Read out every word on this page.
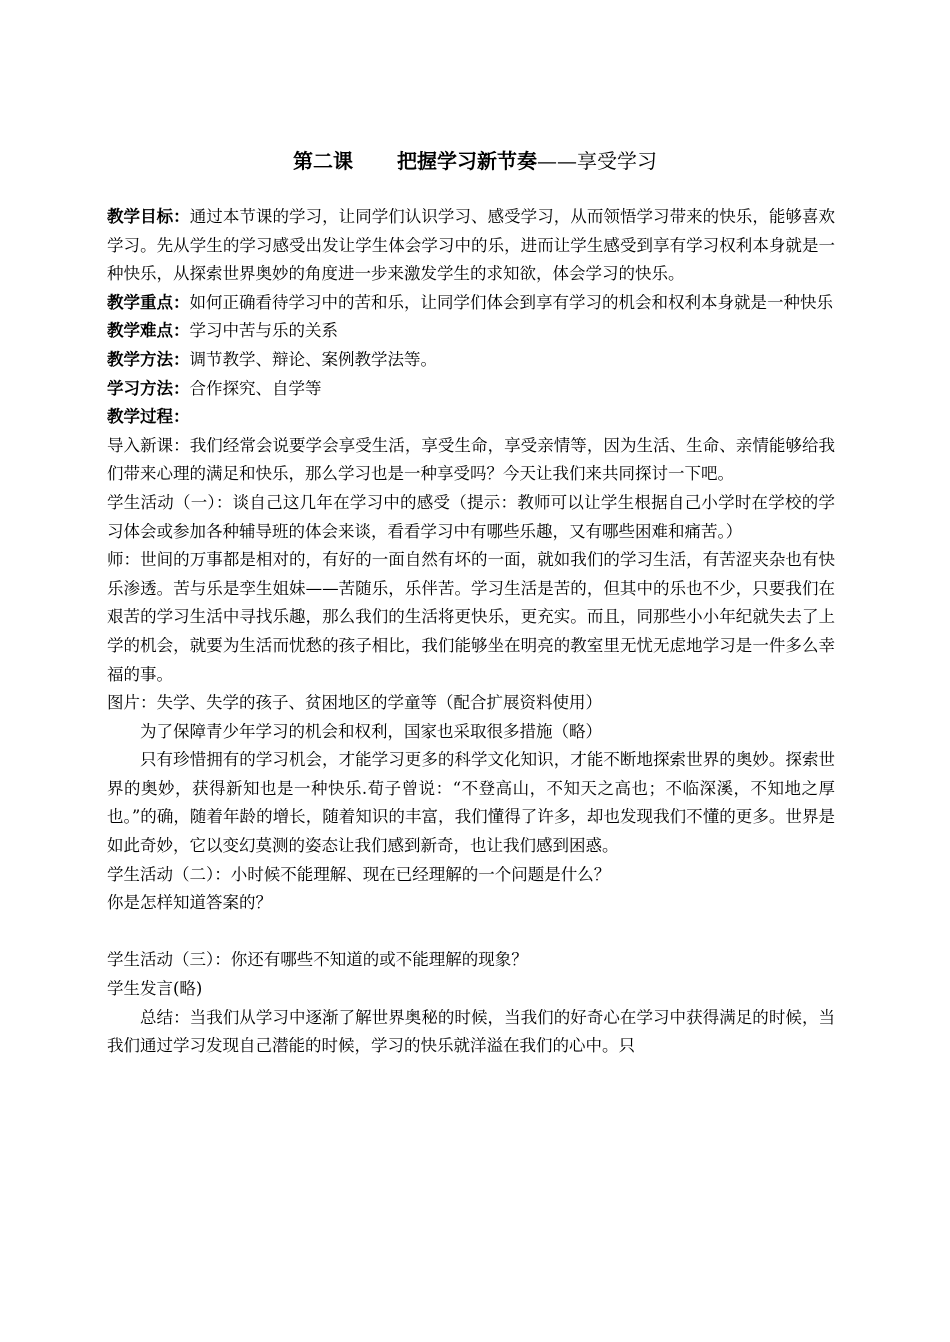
第二课 把握学习新节奏——享受学习

教学目标：通过本节课的学习，让同学们认识学习、感受学习，从而领悟学习带来的快乐，能够喜欢学习。先从学生的学习感受出发让学生体会学习中的乐，进而让学生感受到享有学习权利本身就是一种快乐，从探索世界奥妙的角度进一步来激发学生的求知欲，体会学习的快乐。

教学重点：如何正确看待学习中的苦和乐，让同学们体会到享有学习的机会和权利本身就是一种快乐

教学难点：学习中苦与乐的关系

教学方法：调节教学、辩论、案例教学法等。

学习方法：合作探究、自学等

教学过程：

导入新课：我们经常会说要学会享受生活，享受生命，享受亲情等，因为生活、生命、亲情能够给我们带来心理的满足和快乐，那么学习也是一种享受吗？今天让我们来共同探讨一下吧。

学生活动（一）：谈自己这几年在学习中的感受（提示：教师可以让学生根据自己小学时在学校的学习体会或参加各种辅导班的体会来谈，看看学习中有哪些乐趣，又有哪些困难和痛苦。）

师：世间的万事都是相对的，有好的一面自然有坏的一面，就如我们的学习生活，有苦涩夹杂也有快乐渗透。苦与乐是孪生姐妹——苦随乐，乐伴苦。学习生活是苦的，但其中的乐也不少，只要我们在艰苦的学习生活中寻找乐趣，那么我们的生活将更快乐，更充实。而且，同那些小小年纪就失去了上学的机会，就要为生活而忧愁的孩子相比，我们能够坐在明亮的教室里无忧无虑地学习是一件多么幸福的事。

图片：失学、失学的孩子、贫困地区的学童等（配合扩展资料使用）

为了保障青少年学习的机会和权利，国家也采取很多措施（略）

只有珍惜拥有的学习机会，才能学习更多的科学文化知识，才能不断地探索世界的奥妙。探索世界的奥妙，获得新知也是一种快乐.荀子曾说：“不登高山，不知天之高也；不临深溪，不知地之厚也。”的确，随着年龄的增长，随着知识的丰富，我们懂得了许多，却也发现我们不懂的更多。世界是如此奇妙，它以变幻莫测的姿态让我们感到新奇，也让我们感到困惑。

学生活动（二）：小时候不能理解、现在已经理解的一个问题是什么？

你是怎样知道答案的？

学生活动（三）：你还有哪些不知道的或不能理解的现象？

学生发言(略)

总结：当我们从学习中逐渐了解世界奥秘的时候，当我们的好奇心在学习中获得满足的时候，当我们通过学习发现自己潜能的时候，学习的快乐就洋溢在我们的心中。只
